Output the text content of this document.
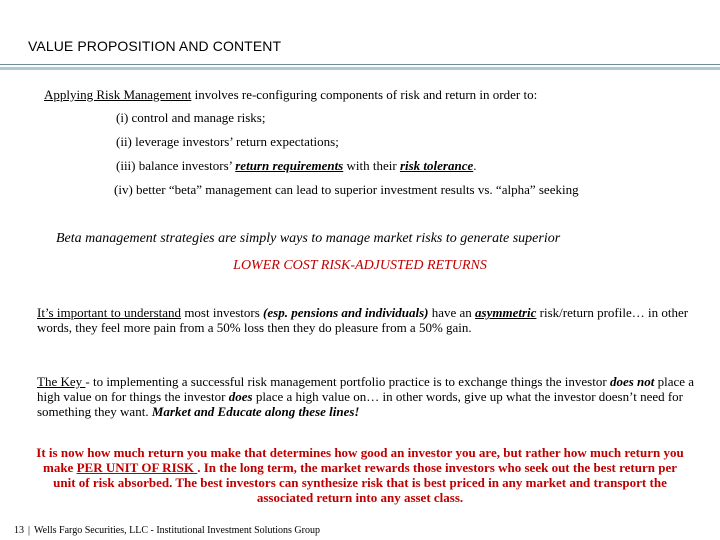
VALUE PROPOSITION AND CONTENT
Applying Risk Management involves re-configuring components of risk and return in order to:
(i) control and manage risks;
(ii) leverage investors’ return expectations;
(iii) balance investors’ return requirements with their risk tolerance.
(iv) better “beta” management can lead to superior investment results vs. “alpha” seeking
Beta management strategies are simply ways to manage market risks to generate superior
LOWER COST RISK-ADJUSTED RETURNS
It’s important to understand most investors (esp. pensions and individuals) have an asymmetric risk/return profile… in other words, they feel more pain from a 50% loss then they do pleasure from a 50% gain.
The Key - to implementing a successful risk management portfolio practice is to exchange things the investor does not place a high value on for things the investor does place a high value on… in other words, give up what the investor doesn’t need for something they want. Market and Educate along these lines!
It is now how much return you make that determines how good an investor you are, but rather how much return you make PER UNIT OF RISK . In the long term, the market rewards those investors who seek out the best return per unit of risk absorbed. The best investors can synthesize risk that is best priced in any market and transport the associated return into any asset class.
13 | Wells Fargo Securities, LLC - Institutional Investment Solutions Group
